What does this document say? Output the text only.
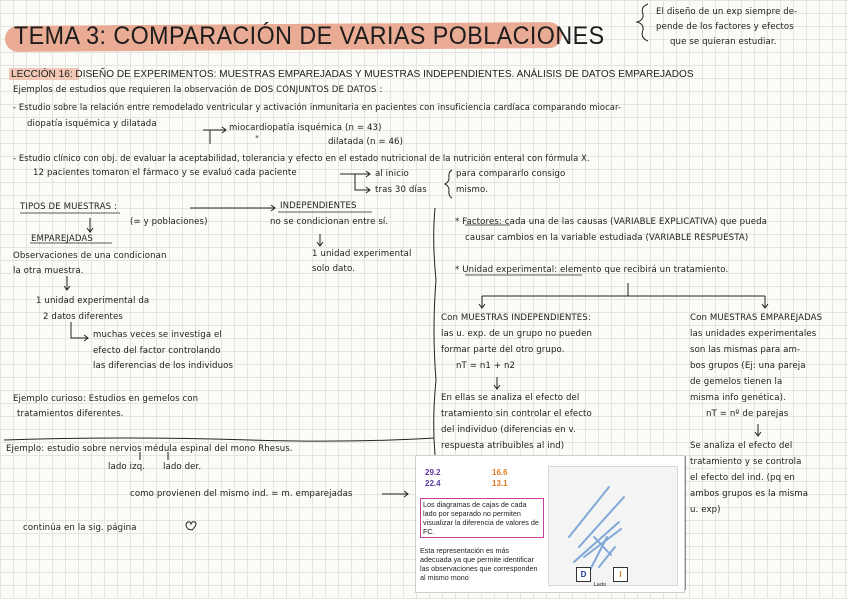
TEMA 3: COMPARACIÓN DE VARIAS POBLACIONES
LECCIÓN 16: DISEÑO DE EXPERIMENTOS: MUESTRAS EMPAREJADAS Y MUESTRAS INDEPENDIENTES. ANÁLISIS DE DATOS EMPAREJADOS
El diseño de un exp siempre de-
pende de los factores y efectos
que se quieran estudiar.
Ejemplos de estudios que requieren la observación de DOS CONJUNTOS DE DATOS :
- Estudio sobre la relación entre remodelado ventricular y activación inmunitaria en pacientes con insuficiencia cardíaca comparando miocar-
diopatía isquémica y dilatada	miocardiopatía isquémica (n = 43)
"	dilatada (n = 46)
- Estudio clínico con obj. de evaluar la aceptabilidad, tolerancia y efecto en el estado nutricional de la nutrición enteral con fórmula X.
12 pacientes tomaron el fármaco y se evaluó cada paciente	al inicio
tras 30 días
para compararlo consigo
mismo.
TIPOS DE MUESTRAS :
(= y poblaciones)
INDEPENDIENTES
no se condicionan entre sí.
1 unidad experimental
solo dato.
EMPAREJADAS
Observaciones de una condicionan
la otra muestra.
1 unidad experimental da
2 datos diferentes
muchas veces se investiga el
efecto del factor controlando
las diferencias de los individuos
Ejemplo curioso: Estudios en gemelos con
tratamientos diferentes.
* Factores: cada una de las causas (VARIABLE EXPLICATIVA) que pueda
causar cambios en la variable estudiada (VARIABLE RESPUESTA)
* Unidad experimental: elemento que recibirá un tratamiento.
Con MUESTRAS INDEPENDIENTES:
las u. exp. de un grupo no pueden
formar parte del otro grupo.
nT = n1 + n2
En ellas se analiza el efecto del
tratamiento sin controlar el efecto
del individuo (diferencias en v.
respuesta atribuibles al ind)
Con MUESTRAS EMPAREJADAS
las unidades experimentales
son las mismas para am-
bos grupos (Ej: una pareja
de gemelos tienen la
misma info genética).
nT = nº de parejas
Se analiza el efecto del
tratamiento y se controla
el efecto del ind. (pq en
ambos grupos es la misma
u. exp)
Ejemplo: estudio sobre nervios médula espinal del mono Rhesus.
lado izq. lado der.
como provienen del mismo ind. = m. emparejadas
continúa en la sig. página
29.2	16.6
22.4	13.1
Los diagramas de cajas de cada lado por separado no permiten visualizar la diferencia de valores de FC.
Esta representación es más adecuada ya que permite identificar las observaciones que corresponden al mismo mono	D	I
Lado
